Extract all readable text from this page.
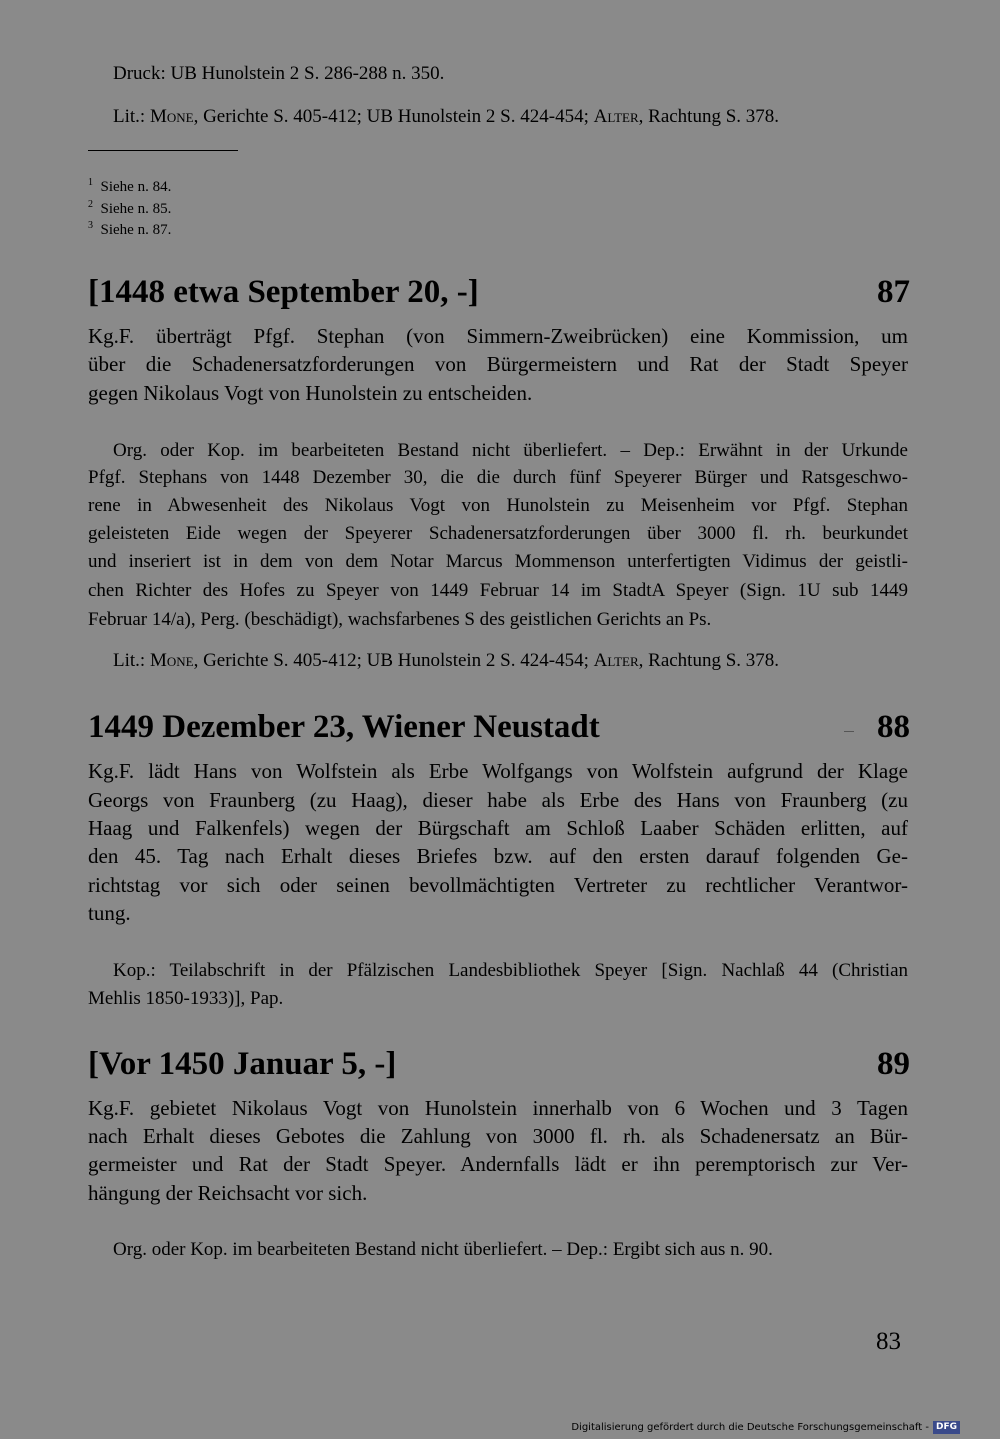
Druck: UB Hunolstein 2 S. 286-288 n. 350.
Lit.: Mone, Gerichte S. 405-412; UB Hunolstein 2 S. 424-454; Alter, Rachtung S. 378.
$^1$ Siehe n. 84.
$^2$ Siehe n. 85.
$^3$ Siehe n. 87.
[1448 etwa September 20, -]	87
Kg.F. überträgt Pfgf. Stephan (von Simmern-Zweibrücken) eine Kommission, um
über die Schadenersatzforderungen von Bürgermeistern und Rat der Stadt Speyer
gegen Nikolaus Vogt von Hunolstein zu entscheiden.
Org. oder Kop. im bearbeiteten Bestand nicht überliefert. – Dep.: Erwähnt in der Urkunde
Pfgf. Stephans von 1448 Dezember 30, die die durch fünf Speyerer Bürger und Ratsgeschwo-
rene in Abwesenheit des Nikolaus Vogt von Hunolstein zu Meisenheim vor Pfgf. Stephan
geleisteten Eide wegen der Speyerer Schadenersatzforderungen über 3000 fl. rh. beurkundet
und inseriert ist in dem von dem Notar Marcus Mommenson unterfertigten Vidimus der geistli-
chen Richter des Hofes zu Speyer von 1449 Februar 14 im StadtA Speyer (Sign. 1U sub 1449
Februar 14/a), Perg. (beschädigt), wachsfarbenes S des geistlichen Gerichts an Ps.
Lit.: Mone, Gerichte S. 405-412; UB Hunolstein 2 S. 424-454; Alter, Rachtung S. 378.
1449 Dezember 23, Wiener Neustadt	88
Kg.F. lädt Hans von Wolfstein als Erbe Wolfgangs von Wolfstein aufgrund der Klage
Georgs von Fraunberg (zu Haag), dieser habe als Erbe des Hans von Fraunberg (zu
Haag und Falkenfels) wegen der Bürgschaft am Schloß Laaber Schäden erlitten, auf
den 45. Tag nach Erhalt dieses Briefes bzw. auf den ersten darauf folgenden Ge-
richtstag vor sich oder seinen bevollmächtigten Vertreter zu rechtlicher Verantwor-
tung.
Kop.: Teilabschrift in der Pfälzischen Landesbibliothek Speyer [Sign. Nachlaß 44 (Christian
Mehlis 1850-1933)], Pap.
[Vor 1450 Januar 5, -]	89
Kg.F. gebietet Nikolaus Vogt von Hunolstein innerhalb von 6 Wochen und 3 Tagen
nach Erhalt dieses Gebotes die Zahlung von 3000 fl. rh. als Schadenersatz an Bür-
germeister und Rat der Stadt Speyer. Andernfalls lädt er ihn peremptorisch zur Ver-
hängung der Reichsacht vor sich.
Org. oder Kop. im bearbeiteten Bestand nicht überliefert. – Dep.: Ergibt sich aus n. 90.
83
Digitalisierung gefördert durch die Deutsche Forschungsgemeinschaft - DFG
